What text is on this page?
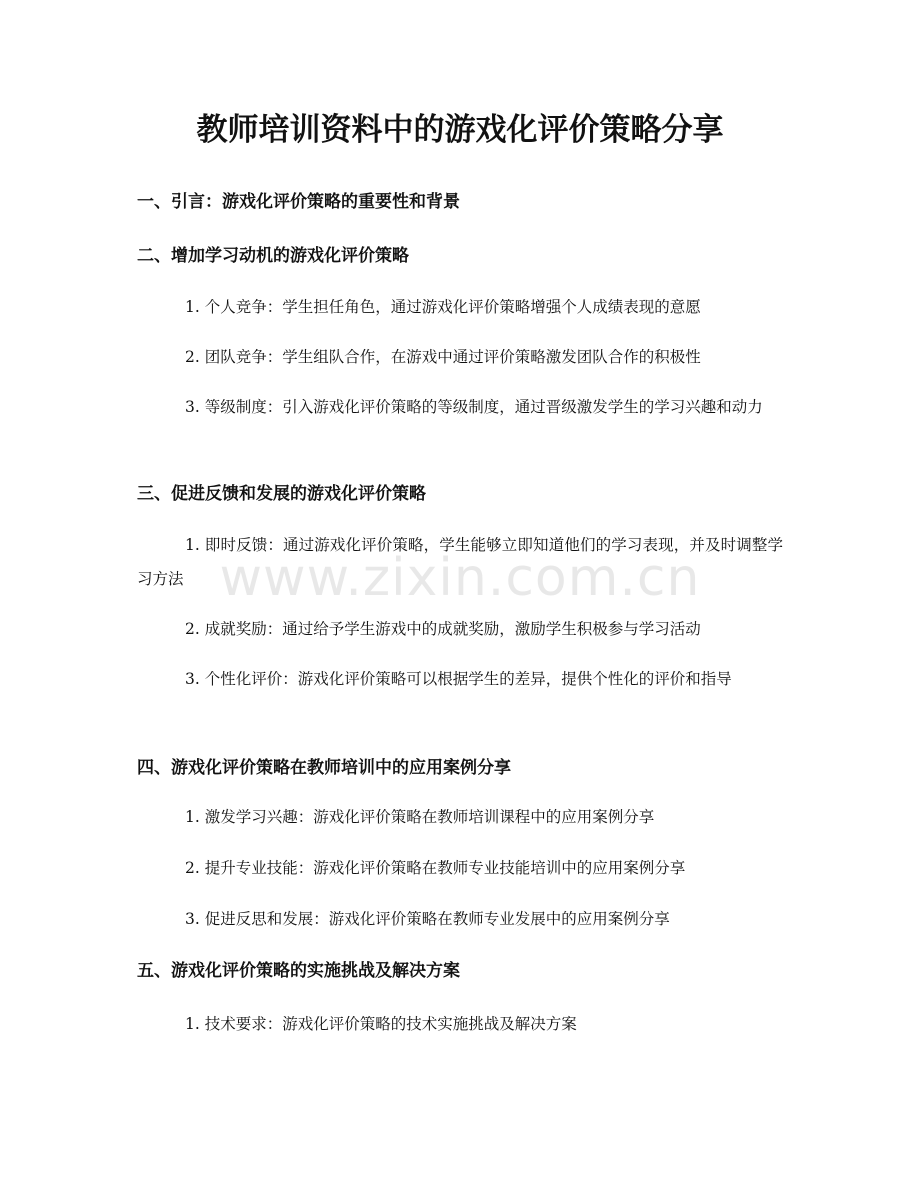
教师培训资料中的游戏化评价策略分享
一、引言：游戏化评价策略的重要性和背景
二、增加学习动机的游戏化评价策略

1. 个人竞争：学生担任角色，通过游戏化评价策略增强个人成绩表现的意愿

2. 团队竞争：学生组队合作，在游戏中通过评价策略激发团队合作的积极性

3. 等级制度：引入游戏化评价策略的等级制度，通过晋级激发学生的学习兴趣和动力

三、促进反馈和发展的游戏化评价策略

1. 即时反馈：通过游戏化评价策略，学生能够立即知道他们的学习表现，并及时调整学习方法

2. 成就奖励：通过给予学生游戏中的成就奖励，激励学生积极参与学习活动

3. 个性化评价：游戏化评价策略可以根据学生的差异，提供个性化的评价和指导

四、游戏化评价策略在教师培训中的应用案例分享

1. 激发学习兴趣：游戏化评价策略在教师培训课程中的应用案例分享

2. 提升专业技能：游戏化评价策略在教师专业技能培训中的应用案例分享

3. 促进反思和发展：游戏化评价策略在教师专业发展中的应用案例分享

五、游戏化评价策略的实施挑战及解决方案

1. 技术要求：游戏化评价策略的技术实施挑战及解决方案

www.zixin.com.cn
